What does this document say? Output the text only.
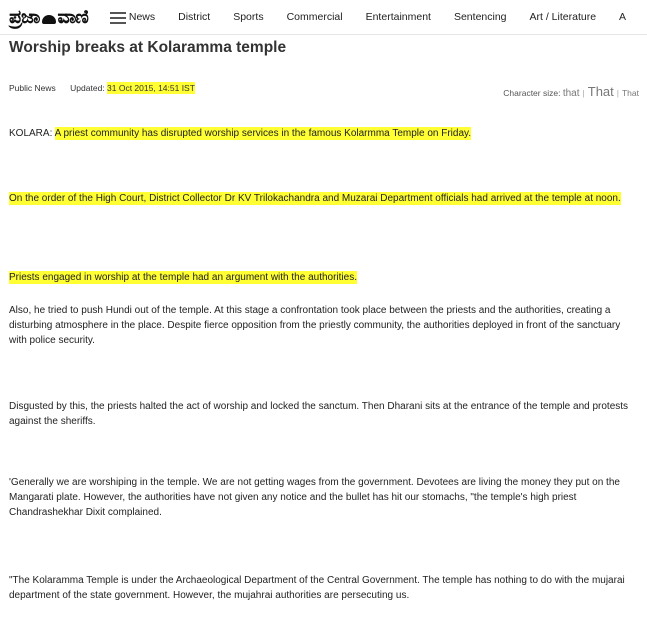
ಪ್ರಜಾ ವಾಣಿ	News District Sports Commercial Entertainment Sentencing Art / Literature A
Worship breaks at Kolaramma temple
Public News Updated: 31 Oct 2015, 14:51 IST	Character size: that | That | That

KOLARA: A priest community has disrupted worship services in the famous Kolarmma Temple on Friday.

On the order of the High Court, District Collector Dr KV Trilokachandra and Muzarai Department officials had arrived at the temple at noon.

Priests engaged in worship at the temple had an argument with the authorities.

Also, he tried to push Hundi out of the temple. At this stage a confrontation took place between the priests and the authorities, creating a disturbing atmosphere in the place. Despite fierce opposition from the priestly community, the authorities deployed in front of the sanctuary with police security.

Disgusted by this, the priests halted the act of worship and locked the sanctum. Then Dharani sits at the entrance of the temple and protests against the sheriffs.

'Generally we are worshiping in the temple. We are not getting wages from the government. Devotees are living the money they put on the Mangarati plate. However, the authorities have not given any notice and the bullet has hit our stomachs, "the temple's high priest Chandrashekhar Dixit complained.

"The Kolaramma Temple is under the Archaeological Department of the Central Government. The temple has nothing to do with the mujarai department of the state government. However, the mujahrai authorities are persecuting us.
